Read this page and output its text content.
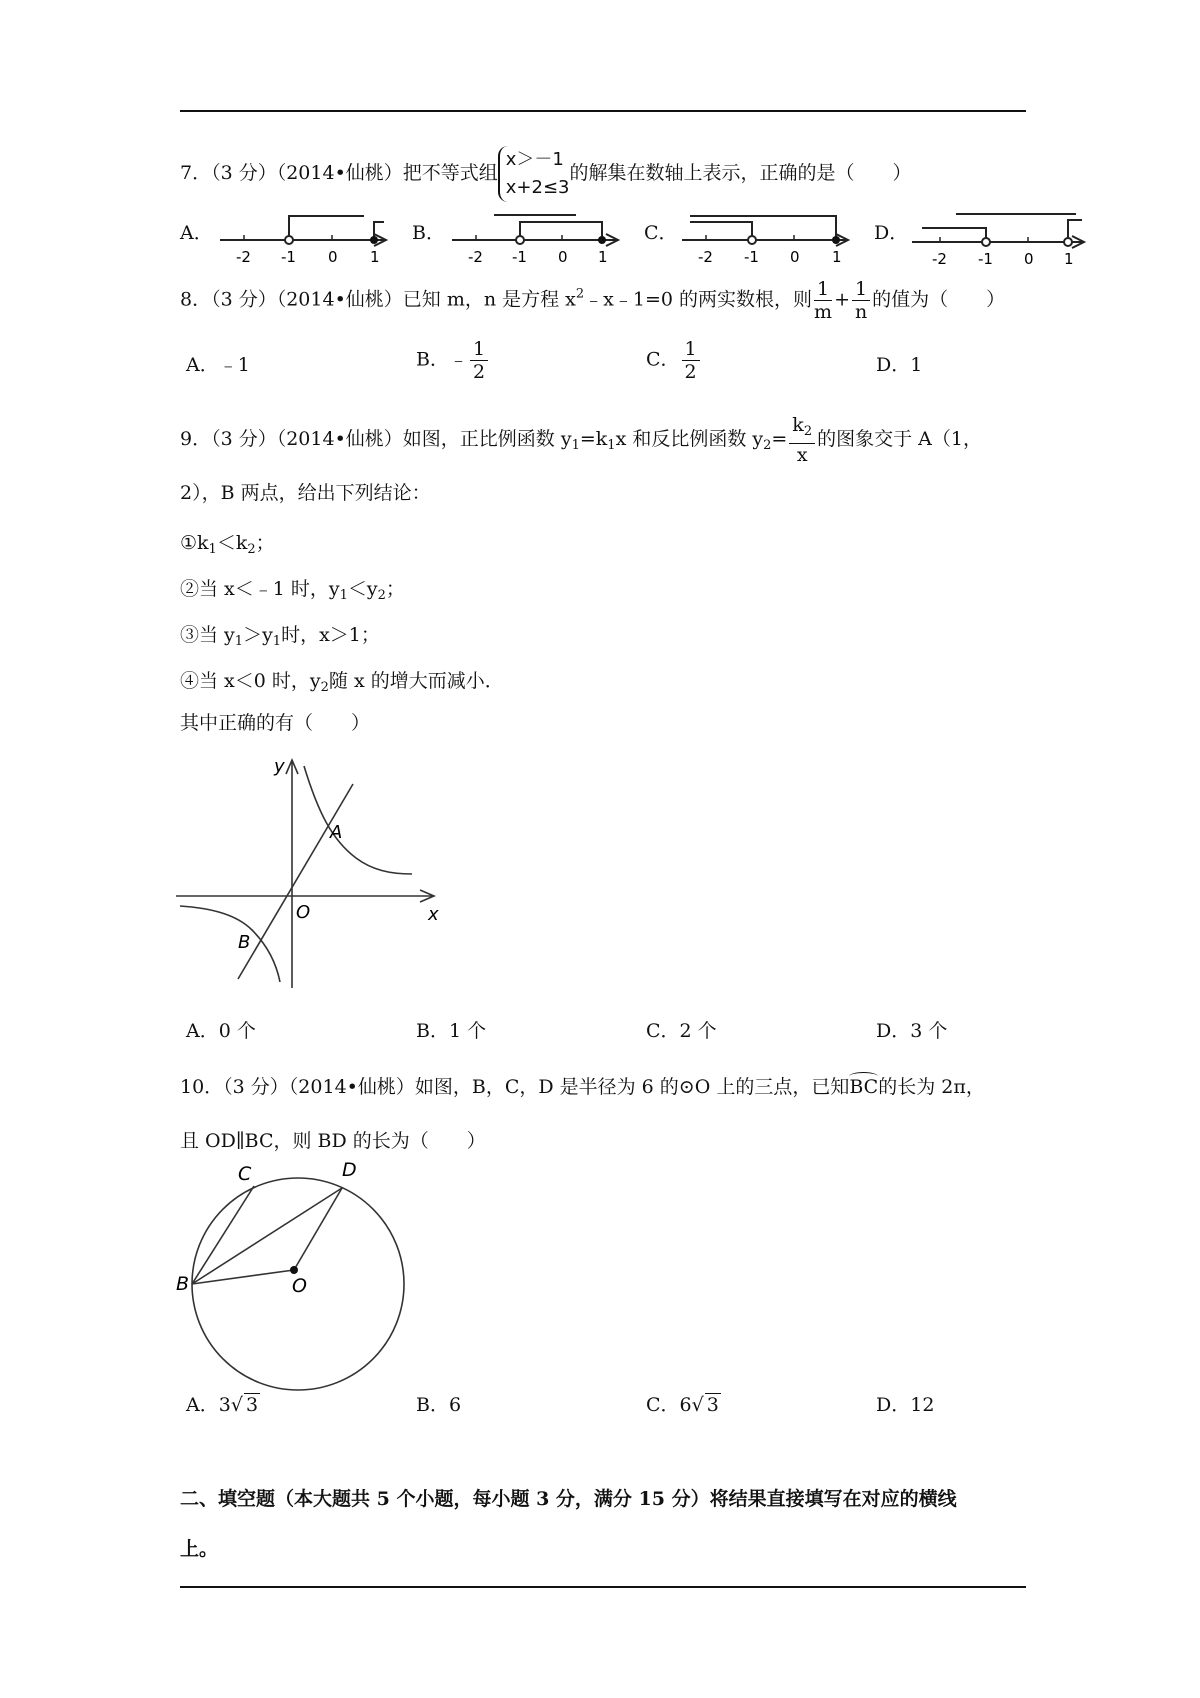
7．（3 分）（2014•仙桃）把不等式组
x＞－1
x+2≤3
的解集在数轴上表示，正确的是（　　）
A．
-2 -1 0 1
B．
-2 -1 0 1
C．
-2 -1 0 1
D．
-2 -1 0 1
8．（3 分）（2014•仙桃）已知 m，n 是方程 $x^2﹣x﹣1=0$ 的两实数根，则 $\frac{1}{m} + \frac{1}{n}$ 的值为（　　）
A．﹣1	B．﹣ $\frac{1}{2}$	C． $\frac{1}{2}$	D．1
9．（3 分）（2014•仙桃）如图，正比例函数 $y_1=k_1x$ 和反比例函数 $y_2= \frac{k_2}{x}$ 的图象交于 A（1，
2），B 两点，给出下列结论：
$①k_1<k_2$；
②当 x＜﹣1 时，$y_1<y_2$；
③当 $y_1>y_1$时，x＞1；
④当 x＜0 时，$y_2$随 x 的增大而减小．
其中正确的有（　　）
y
x
O
A
B
A．0 个	B．1 个	C．2 个	D．3 个
10．（3 分）（2014•仙桃）如图，B，C，D 是半径为 6 的⊙O 上的三点，已知BC的长为 2π，
且 OD∥BC，则 BD 的长为（　　）
C	D
B	O
A．3√ 3	B．6	C．6√ 3	D．12
二、填空题（本大题共 5 个小题，每小题 3 分，满分 15 分）将结果直接填写在对应的横线
上。
